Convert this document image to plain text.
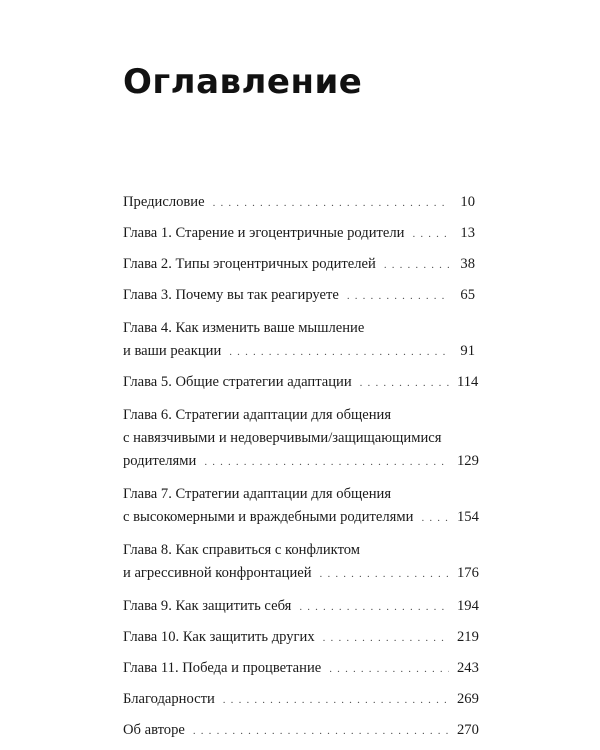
Оглавление
Предисловие . . .	10
Глава 1. Старение и эгоцентричные родители . . .	13
Глава 2. Типы эгоцентричных родителей . . .	38
Глава 3. Почему вы так реагируете . . .	65
Глава 4. Как изменить ваше мышление
и ваши реакции . . .	91
Глава 5. Общие стратегии адаптации . . .	114
Глава 6. Стратегии адаптации для общения
с навязчивыми и недоверчивыми/защищающимися
родителями . . .	129
Глава 7. Стратегии адаптации для общения
с высокомерными и враждебными родителями . . .	154
Глава 8. Как справиться с конфликтом
и агрессивной конфронтацией . . .	176
Глава 9. Как защитить себя . . .	194
Глава 10. Как защитить других . . .	219
Глава 11. Победа и процветание . . .	243
Благодарности . . .	269
Об авторе . . .	270
